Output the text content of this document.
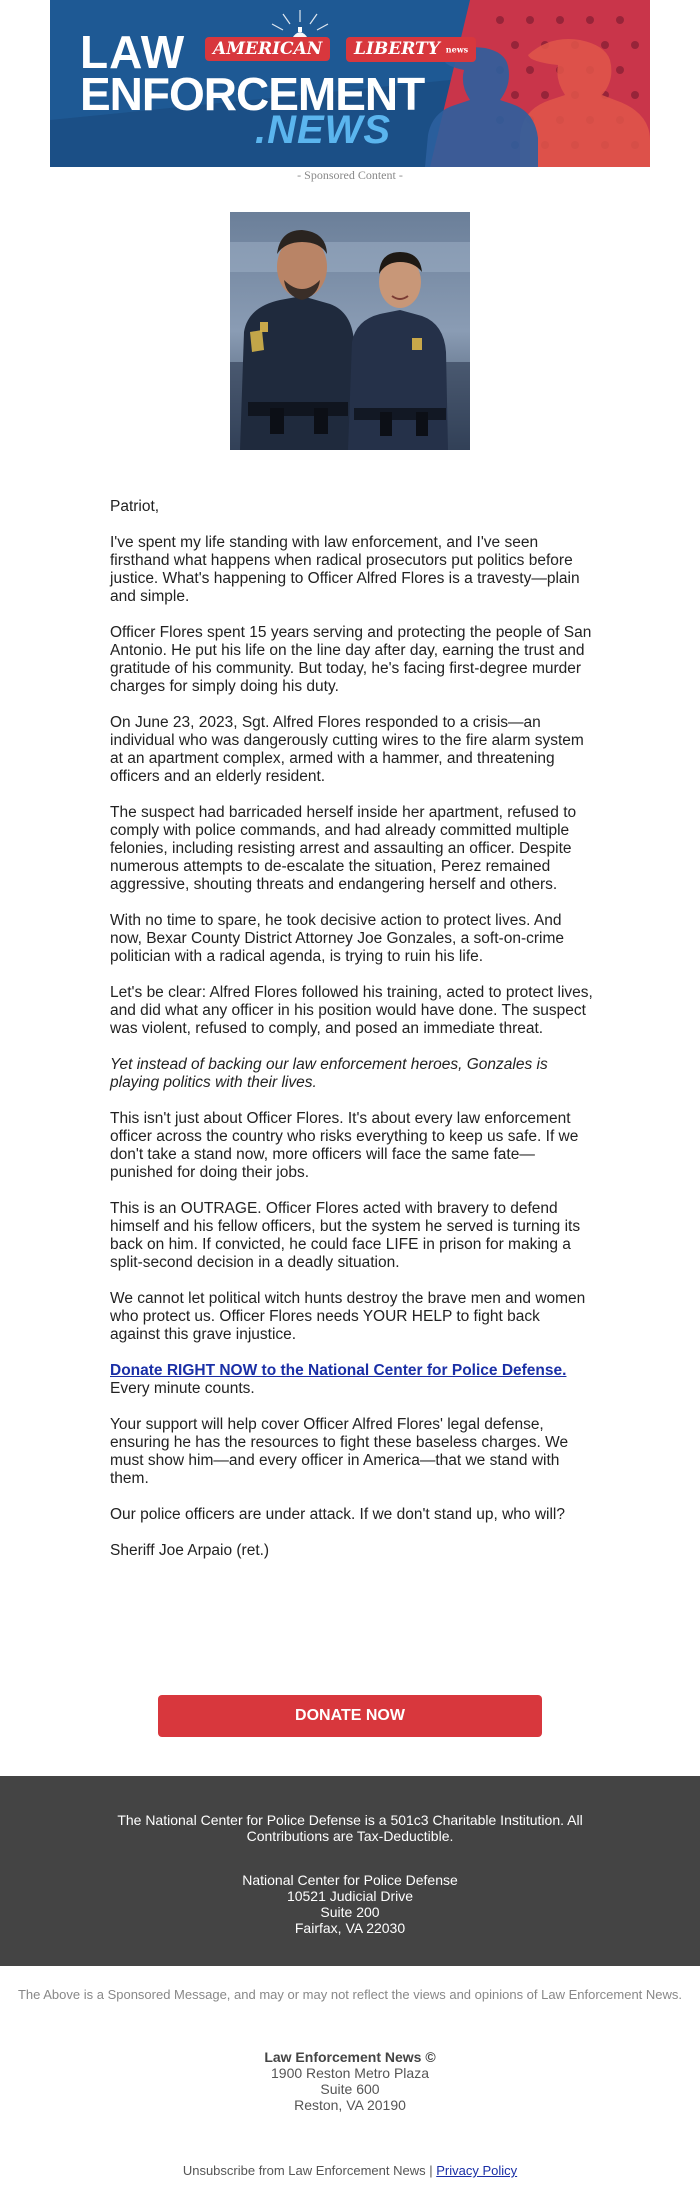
LAW
ENFORCEMENT
.NEWS
AMERICAN	LIBERTY news
- Sponsored Content -

Patriot,

I've spent my life standing with law enforcement, and I've seen firsthand what happens when radical prosecutors put politics before justice. What's happening to Officer Alfred Flores is a travesty—plain and simple.

Officer Flores spent 15 years serving and protecting the people of San Antonio. He put his life on the line day after day, earning the trust and gratitude of his community. But today, he's facing first-degree murder charges for simply doing his duty.

On June 23, 2023, Sgt. Alfred Flores responded to a crisis—an individual who was dangerously cutting wires to the fire alarm system at an apartment complex, armed with a hammer, and threatening officers and an elderly resident.

The suspect had barricaded herself inside her apartment, refused to comply with police commands, and had already committed multiple felonies, including resisting arrest and assaulting an officer. Despite numerous attempts to de-escalate the situation, Perez remained aggressive, shouting threats and endangering herself and others.

With no time to spare, he took decisive action to protect lives. And now, Bexar County District Attorney Joe Gonzales, a soft-on-crime politician with a radical agenda, is trying to ruin his life.

Let's be clear: Alfred Flores followed his training, acted to protect lives, and did what any officer in his position would have done. The suspect was violent, refused to comply, and posed an immediate threat.

Yet instead of backing our law enforcement heroes, Gonzales is playing politics with their lives.

This isn't just about Officer Flores. It's about every law enforcement officer across the country who risks everything to keep us safe. If we don't take a stand now, more officers will face the same fate—punished for doing their jobs.

This is an OUTRAGE. Officer Flores acted with bravery to defend himself and his fellow officers, but the system he served is turning its back on him. If convicted, he could face LIFE in prison for making a split-second decision in a deadly situation.

We cannot let political witch hunts destroy the brave men and women who protect us. Officer Flores needs YOUR HELP to fight back against this grave injustice.

Donate RIGHT NOW to the National Center for Police Defense.
Every minute counts.

Your support will help cover Officer Alfred Flores' legal defense, ensuring he has the resources to fight these baseless charges. We must show him—and every officer in America—that we stand with them.

Our police officers are under attack. If we don't stand up, who will?

Sheriff Joe Arpaio (ret.)

DONATE NOW
The National Center for Police Defense is a 501c3 Charitable Institution. All Contributions are Tax-Deductible.
National Center for Police Defense
10521 Judicial Drive
Suite 200
Fairfax, VA 22030
The Above is a Sponsored Message, and may or may not reflect the views and opinions of Law Enforcement News.
Law Enforcement News ©
1900 Reston Metro Plaza
Suite 600
Reston, VA 20190
Unsubscribe from Law Enforcement News | Privacy Policy
